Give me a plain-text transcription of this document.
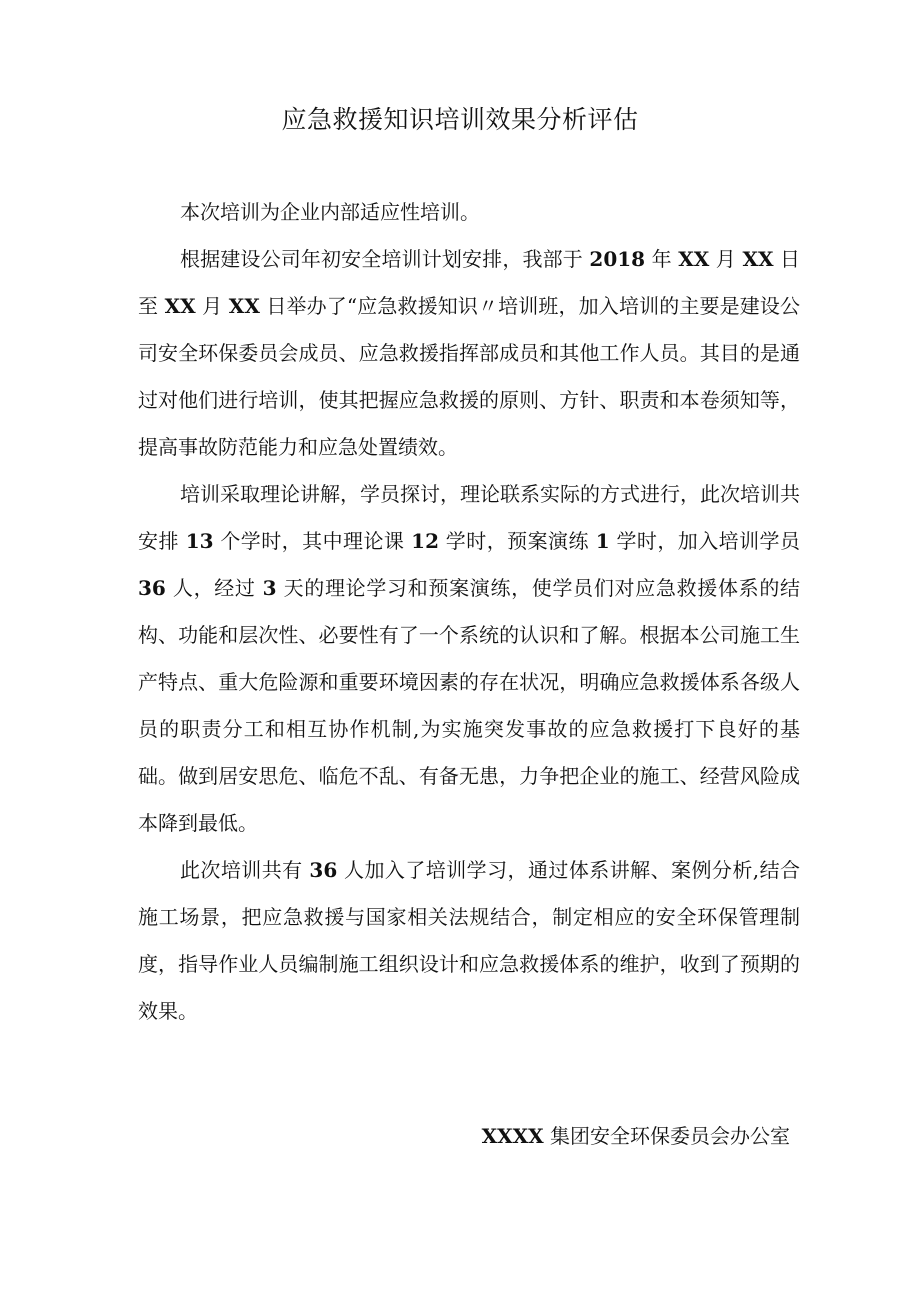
应急救援知识培训效果分析评估

本次培训为企业内部适应性培训。

根据建设公司年初安全培训计划安排，我部于 2018 年 XX 月 XX 日至 XX 月 XX 日举办了“应急救援知识〃培训班，加入培训的主要是建设公司安全环保委员会成员、应急救援指挥部成员和其他工作人员。其目的是通过对他们进行培训，使其把握应急救援的原则、方针、职责和本卷须知等，提高事故防范能力和应急处置绩效。

培训采取理论讲解，学员探讨，理论联系实际的方式进行，此次培训共安排 13 个学时，其中理论课 12 学时，预案演练 1 学时，加入培训学员 36 人，经过 3 天的理论学习和预案演练，使学员们对应急救援体系的结构、功能和层次性、必要性有了一个系统的认识和了解。根据本公司施工生产特点、重大危险源和重要环境因素的存在状况，明确应急救援体系各级人员的职责分工和相互协作机制,为实施突发事故的应急救援打下良好的基础。做到居安思危、临危不乱、有备无患，力争把企业的施工、经营风险成本降到最低。

此次培训共有 36 人加入了培训学习，通过体系讲解、案例分析,结合施工场景，把应急救援与国家相关法规结合，制定相应的安全环保管理制度，指导作业人员编制施工组织设计和应急救援体系的维护，收到了预期的效果。

XXXX 集团安全环保委员会办公室
